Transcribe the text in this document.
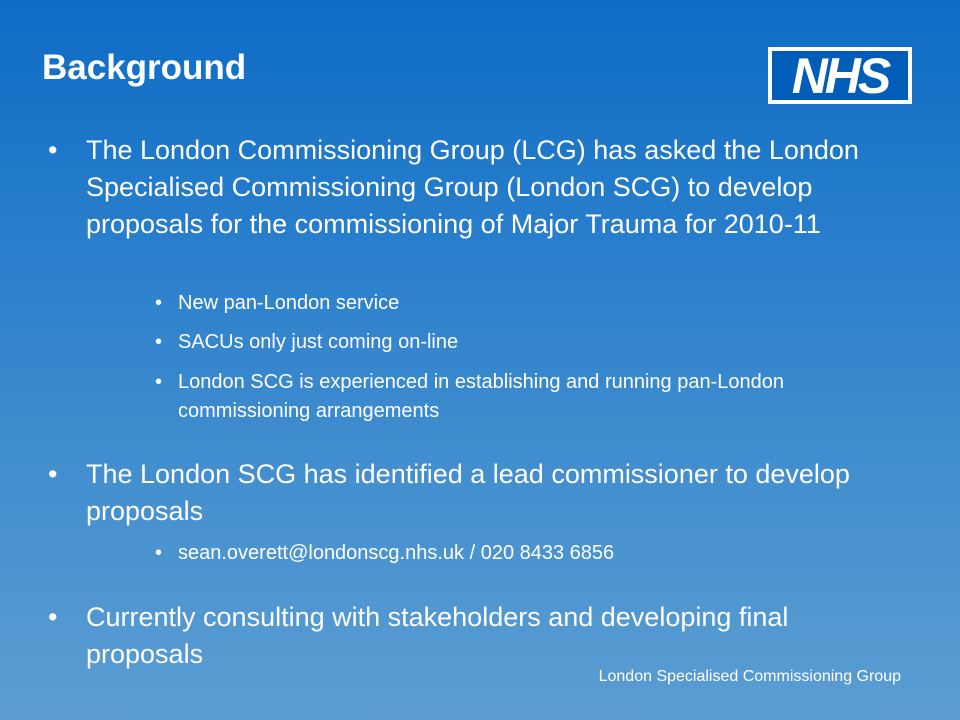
Background	NHS
• The London Commissioning Group (LCG) has asked the London Specialised Commissioning Group (London SCG) to develop proposals for the commissioning of Major Trauma for 2010-11
• New pan-London service
• SACUs only just coming on-line
• London SCG is experienced in establishing and running pan-London commissioning arrangements
• The London SCG has identified a lead commissioner to develop proposals
• sean.overett@londonscg.nhs.uk / 020 8433 6856
• Currently consulting with stakeholders and developing final proposals
London Specialised Commissioning Group
